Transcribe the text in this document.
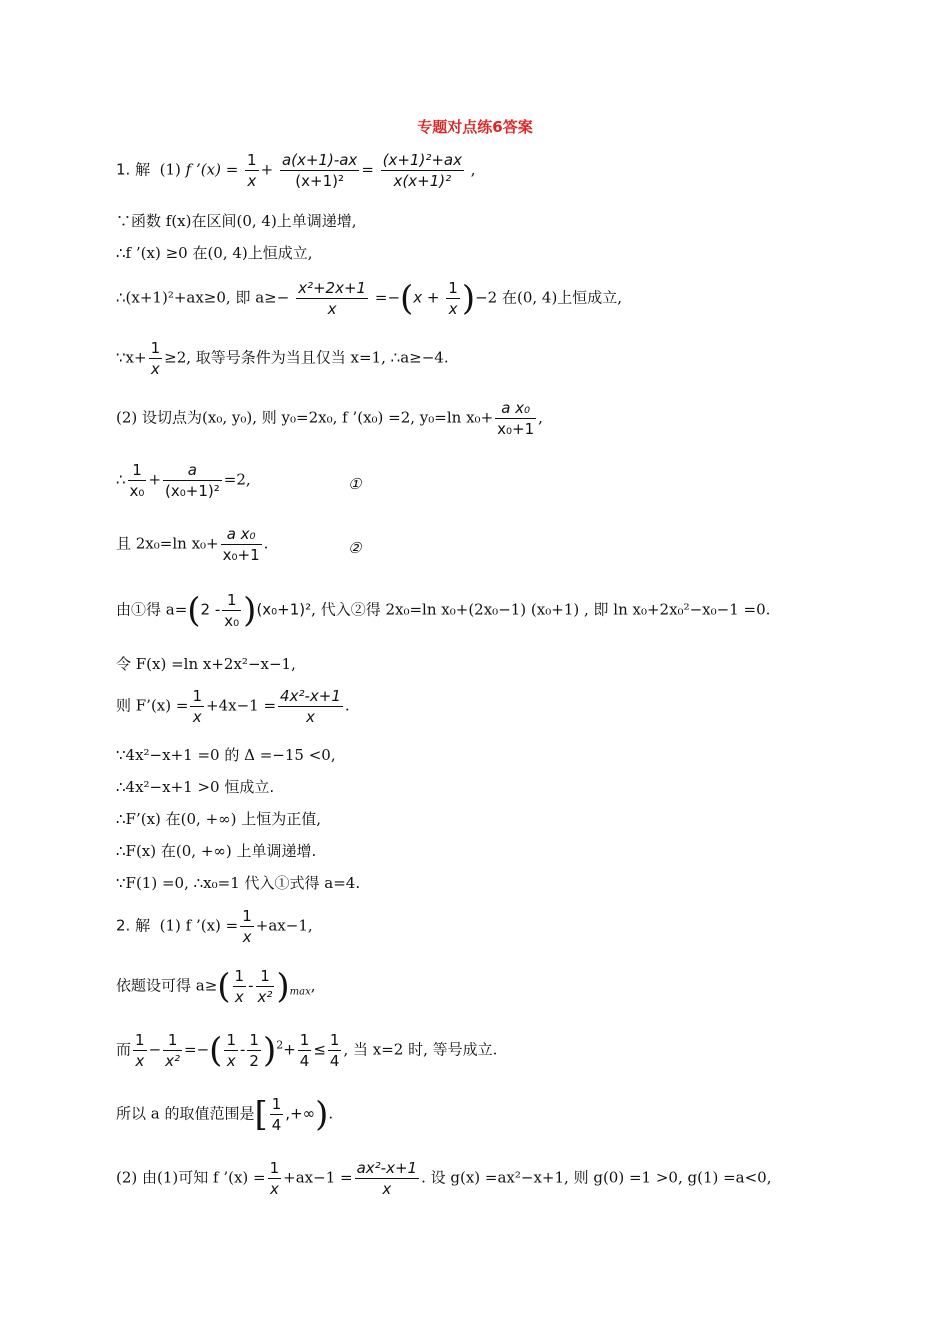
专题对点练6答案
1. 解 (1) f ’(x) = $\frac{1}{x} + \frac{a(x+1)-ax}{\text{(x+1)²}} = \frac{\text{(x+1)²+ax}}{\text{x(x+1)²}}$ ,
∵函数 f(x)在区间(0, 4)上单调递增,
∴f ’(x) ≥0 在(0, 4)上恒成立,
∴(x+1)²+ax≥0, 即 $a\ge- \frac{\text{x²+2x+1}}{x} =-(x + \frac{1}{x} )-2$ 在(0, 4)上恒成立,
∵x+ $\frac{1}{x} \ge 2$, 取等号条件为当且仅当 x=1, ∴a≥−4.
(2) 设切点为(x₀, y₀), 则 y₀=2x₀, f ’(x₀) =2, y₀=ln $x_0+ \frac{\text{a x₀}}{\text{x₀+1}}$ ,
∴ $\frac{1}{\text{x₀}} + \frac{a}{\text{(x₀+1)²}} =2$,	①
且 2x₀=ln $x_0+ \frac{\text{a x₀}}{\text{x₀+1}}$ .	②
由①得 $a=(2 - \frac{1}{\text{x₀}} )(x_0+1)^2$, 代入②得 2x₀=ln x₀+(2x₀−1) (x₀+1) , 即 ln x₀+2x₀²−x₀−1 =0.
令 F(x) =ln x+2x²−x−1,
则 F’(x) = $\frac{1}{x} +4x-1 = \frac{\text{4x²-x+1}}{x}$ .
∵4x²−x+1 =0 的 Δ =−15 <0,
∴4x²−x+1 >0 恒成立.
∴F’(x) 在(0, +∞) 上恒为正值,
∴F(x) 在(0, +∞) 上单调递增.
∵F(1) =0, ∴x₀=1 代入①式得 a=4.
2. 解 (1) f ’(x) = $\frac{1}{x} +ax-1$,
依题设可得 $a\ge( \frac{1}{x} - \frac{1}{\text{x²}} )_{max}$,
而 $\frac{1}{x} - \frac{1}{\text{x²}}$ =−( $\frac{1}{x} - \frac{1}{2} )^2+ \frac{1}{4} \le \frac{1}{4}$ , 当 x=2 时, 等号成立.
所以 a 的取值范围是[ $\frac{1}{4}$ ,+∞).
(2) 由(1)可知 f ’(x) = $\frac{1}{x} +ax-1 = \frac{\text{ax²-x+1}}{x}$ . 设 g(x) =ax²−x+1, 则 g(0) =1 >0, g(1) =a<0,
